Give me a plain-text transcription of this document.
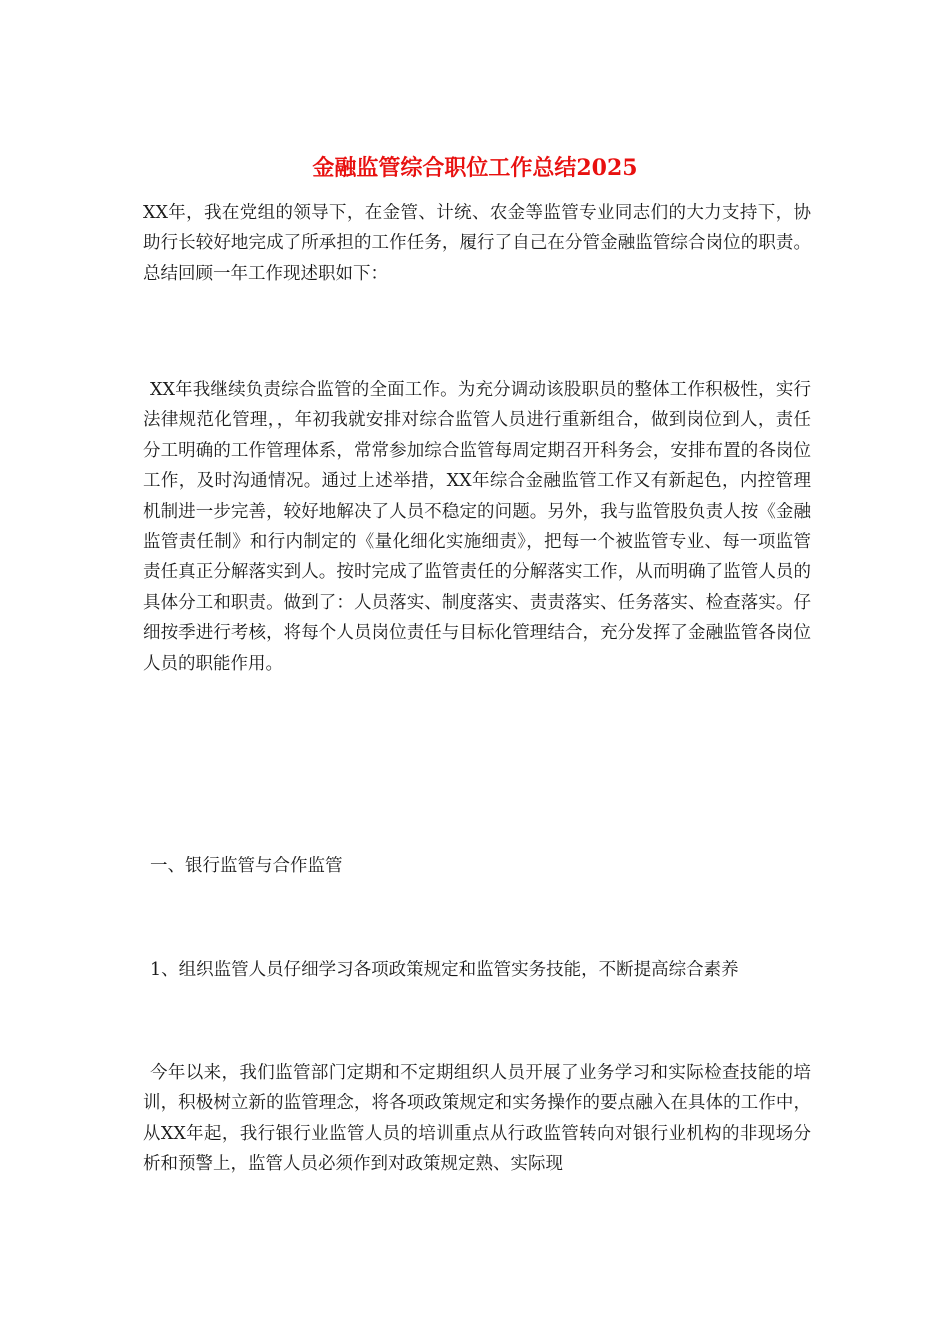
金融监管综合职位工作总结2025

XX年，我在党组的领导下，在金管、计统、农金等监管专业同志们的大力支持下，协助行长较好地完成了所承担的工作任务，履行了自己在分管金融监管综合岗位的职责。总结回顾一年工作现述职如下：

XX年我继续负责综合监管的全面工作。为充分调动该股职员的整体工作积极性，实行法律规范化管理，，年初我就安排对综合监管人员进行重新组合，做到岗位到人，责任分工明确的工作管理体系，常常参加综合监管每周定期召开科务会，安排布置的各岗位工作，及时沟通情况。通过上述举措，XX年综合金融监管工作又有新起色，内控管理机制进一步完善，较好地解决了人员不稳定的问题。另外，我与监管股负责人按《金融监管责任制》和行内制定的《量化细化实施细责》，把每一个被监管专业、每一项监管责任真正分解落实到人。按时完成了监管责任的分解落实工作，从而明确了监管人员的具体分工和职责。做到了：人员落实、制度落实、责责落实、任务落实、检查落实。仔细按季进行考核，将每个人员岗位责任与目标化管理结合，充分发挥了金融监管各岗位人员的职能作用。

一、银行监管与合作监管

1、组织监管人员仔细学习各项政策规定和监管实务技能，不断提高综合素养

今年以来，我们监管部门定期和不定期组织人员开展了业务学习和实际检查技能的培训，积极树立新的监管理念，将各项政策规定和实务操作的要点融入在具体的工作中，从XX年起，我行银行业监管人员的培训重点从行政监管转向对银行业机构的非现场分析和预警上，监管人员必须作到对政策规定熟、实际现
